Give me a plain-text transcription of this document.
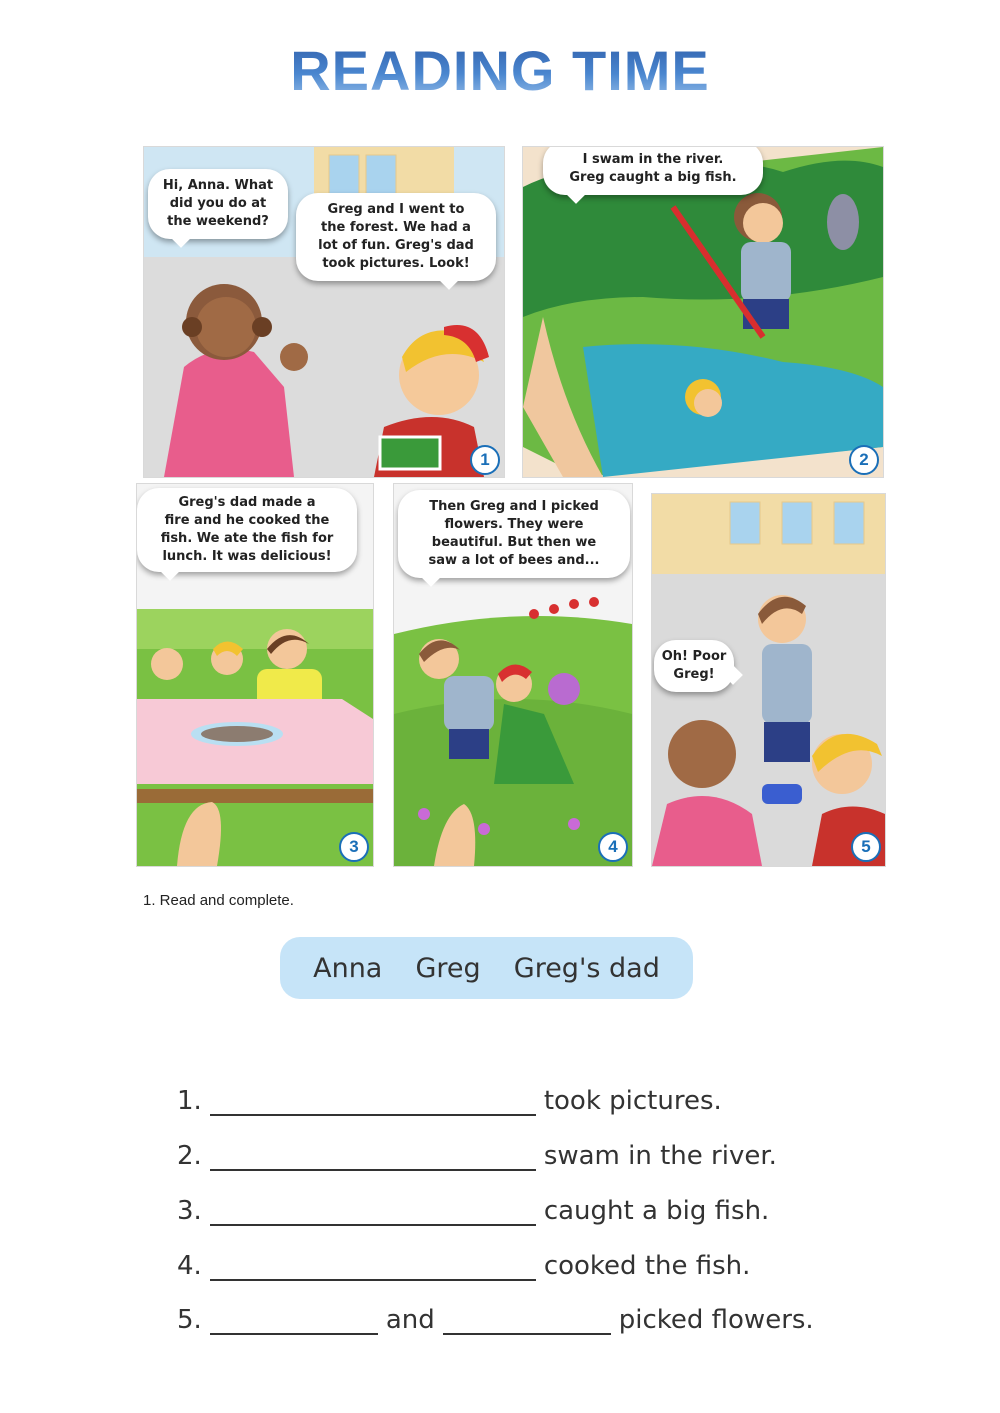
READING TIME
Hi, Anna. What
did you do at
the weekend?
Greg and I went to
the forest. We had a
lot of fun. Greg's dad
took pictures. Look!
1
I swam in the river.
Greg caught a big fish.
2
Greg's dad made a
fire and he cooked the
fish. We ate the fish for
lunch. It was delicious!
3
Then Greg and I picked
flowers. They were
beautiful. But then we
saw a lot of bees and...
4
Oh! Poor
Greg!
5
1. Read and complete.
Anna Greg Greg's dad
1.	took pictures.
2.	swam in the river.
3.	caught a big fish.
4.	cooked the fish.
5.	and	picked flowers.
